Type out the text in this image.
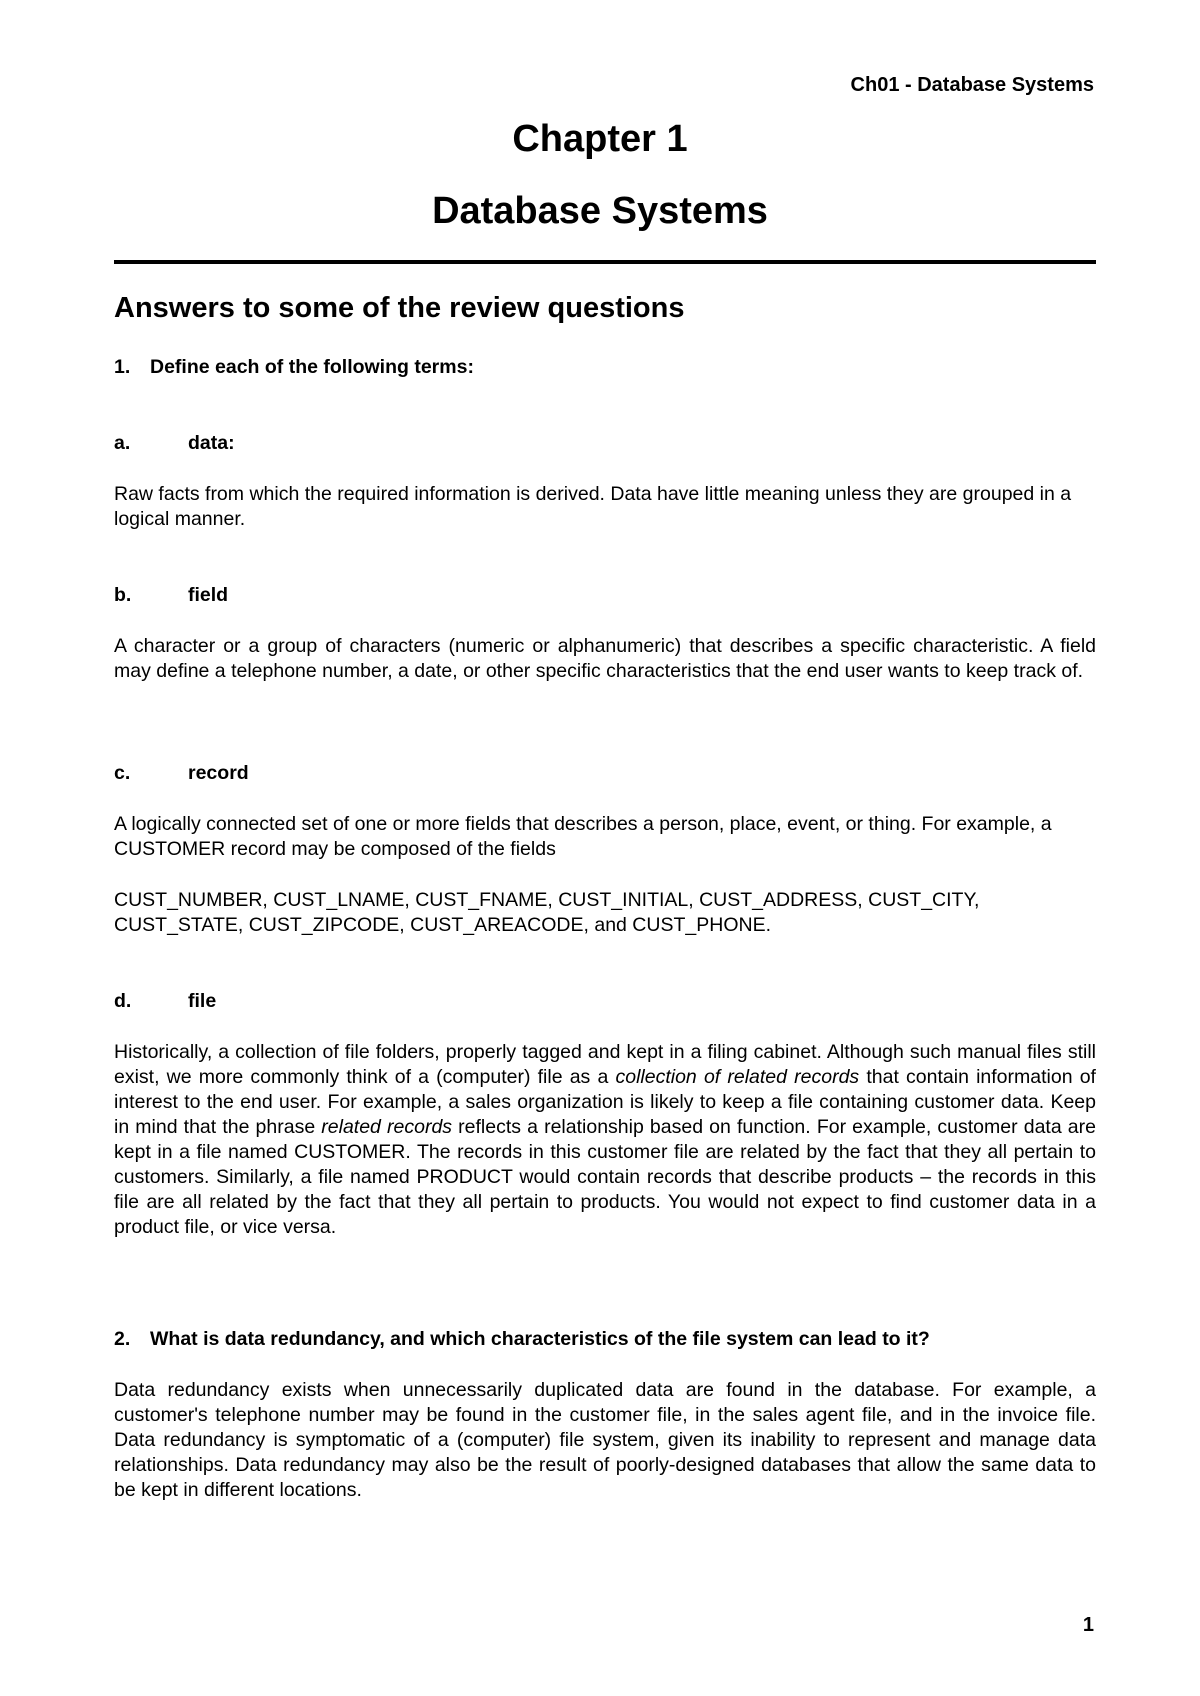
Ch01 - Database Systems
Chapter 1
Database Systems
Answers to some of the review questions
1. Define each of the following terms:
a.	data:
Raw facts from which the required information is derived. Data have little meaning unless they are grouped in a logical manner.
b.	field
A character or a group of characters (numeric or alphanumeric) that describes a specific characteristic. A field may define a telephone number, a date, or other specific characteristics that the end user wants to keep track of.
c.	record
A logically connected set of one or more fields that describes a person, place, event, or thing. For example, a CUSTOMER record may be composed of the fields
CUST_NUMBER, CUST_LNAME, CUST_FNAME, CUST_INITIAL, CUST_ADDRESS, CUST_CITY, CUST_STATE, CUST_ZIPCODE, CUST_AREACODE, and CUST_PHONE.
d.	file
Historically, a collection of file folders, properly tagged and kept in a filing cabinet. Although such manual files still exist, we more commonly think of a (computer) file as a collection of related records that contain information of interest to the end user. For example, a sales organization is likely to keep a file containing customer data. Keep in mind that the phrase related records reflects a relationship based on function. For example, customer data are kept in a file named CUSTOMER. The records in this customer file are related by the fact that they all pertain to customers. Similarly, a file named PRODUCT would contain records that describe products – the records in this file are all related by the fact that they all pertain to products. You would not expect to find customer data in a product file, or vice versa.
2. What is data redundancy, and which characteristics of the file system can lead to it?
Data redundancy exists when unnecessarily duplicated data are found in the database. For example, a customer's telephone number may be found in the customer file, in the sales agent file, and in the invoice file. Data redundancy is symptomatic of a (computer) file system, given its inability to represent and manage data relationships. Data redundancy may also be the result of poorly-designed databases that allow the same data to be kept in different locations.
1
